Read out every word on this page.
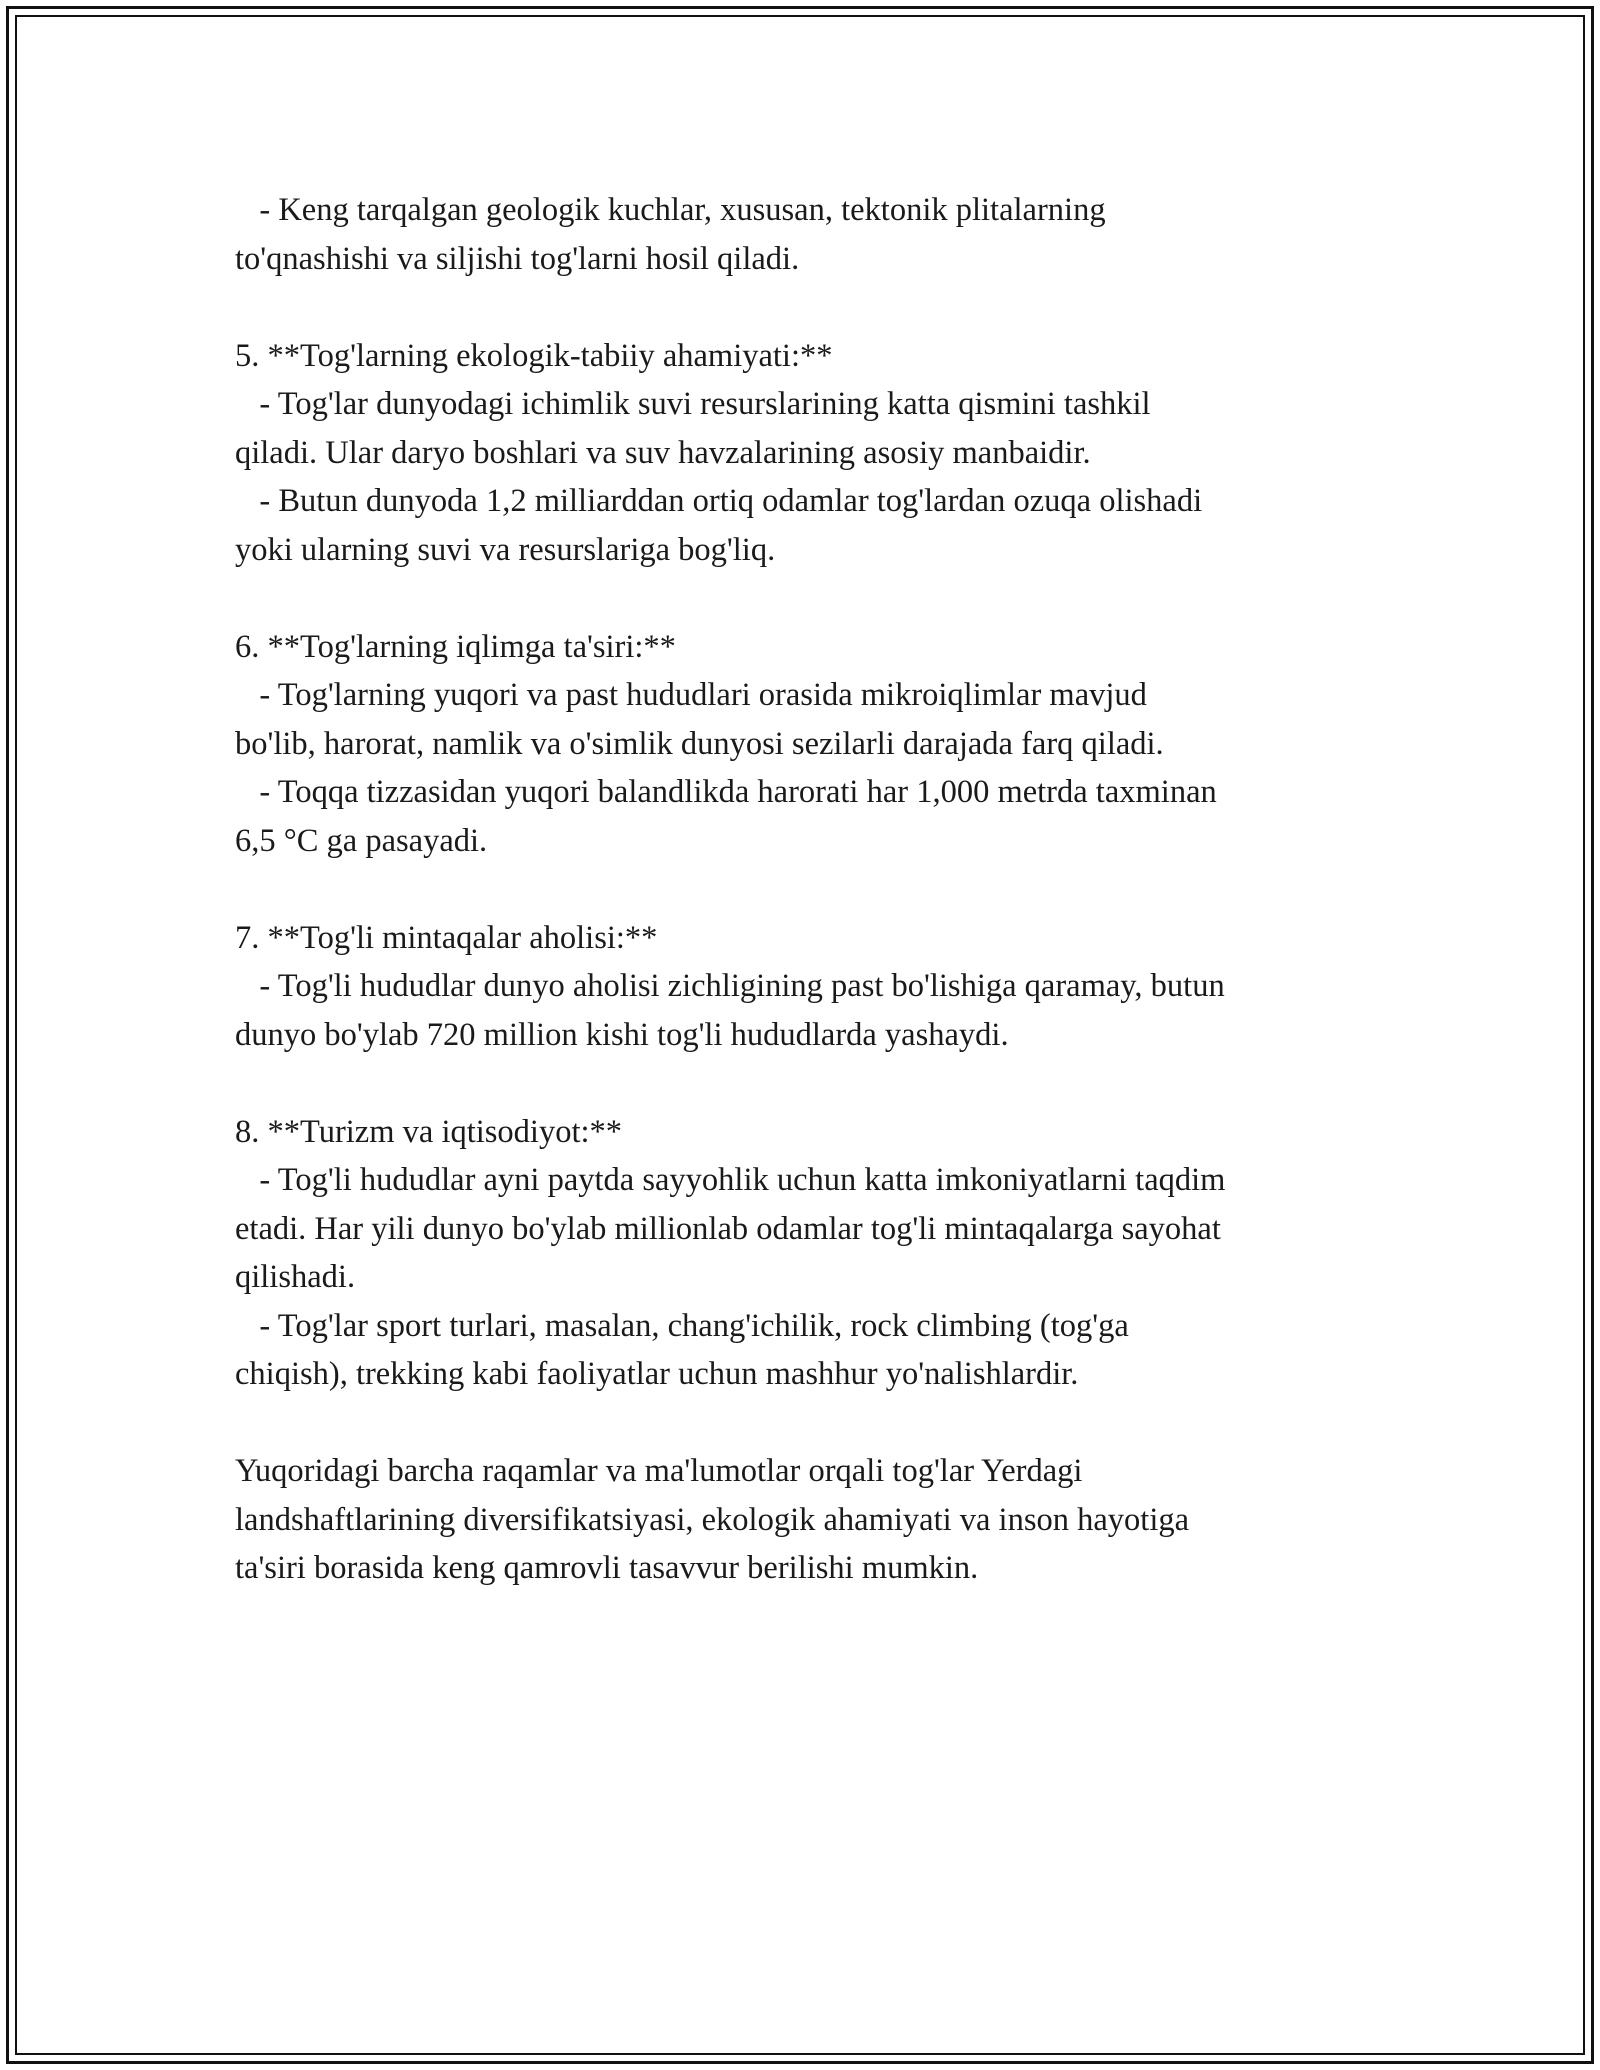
- Keng tarqalgan geologik kuchlar, xususan, tektonik plitalarning
to'qnashishi va siljishi tog'larni hosil qiladi.
5. **Tog'larning ekologik-tabiiy ahamiyati:**
- Tog'lar dunyodagi ichimlik suvi resurslarining katta qismini tashkil
qiladi. Ular daryo boshlari va suv havzalarining asosiy manbaidir.
- Butun dunyoda 1,2 milliarddan ortiq odamlar tog'lardan ozuqa olishadi
yoki ularning suvi va resurslariga bog'liq.
6. **Tog'larning iqlimga ta'siri:**
- Tog'larning yuqori va past hududlari orasida mikroiqlimlar mavjud
bo'lib, harorat, namlik va o'simlik dunyosi sezilarli darajada farq qiladi.
- Toqqa tizzasidan yuqori balandlikda harorati har 1,000 metrda taxminan
6,5 °C ga pasayadi.
7. **Tog'li mintaqalar aholisi:**
- Tog'li hududlar dunyo aholisi zichligining past bo'lishiga qaramay, butun
dunyo bo'ylab 720 million kishi tog'li hududlarda yashaydi.
8. **Turizm va iqtisodiyot:**
- Tog'li hududlar ayni paytda sayyohlik uchun katta imkoniyatlarni taqdim
etadi. Har yili dunyo bo'ylab millionlab odamlar tog'li mintaqalarga sayohat
qilishadi.
- Tog'lar sport turlari, masalan, chang'ichilik, rock climbing (tog'ga
chiqish), trekking kabi faoliyatlar uchun mashhur yo'nalishlardir.
Yuqoridagi barcha raqamlar va ma'lumotlar orqali tog'lar Yerdagi
landshaftlarining diversifikatsiyasi, ekologik ahamiyati va inson hayotiga
ta'siri borasida keng qamrovli tasavvur berilishi mumkin.
